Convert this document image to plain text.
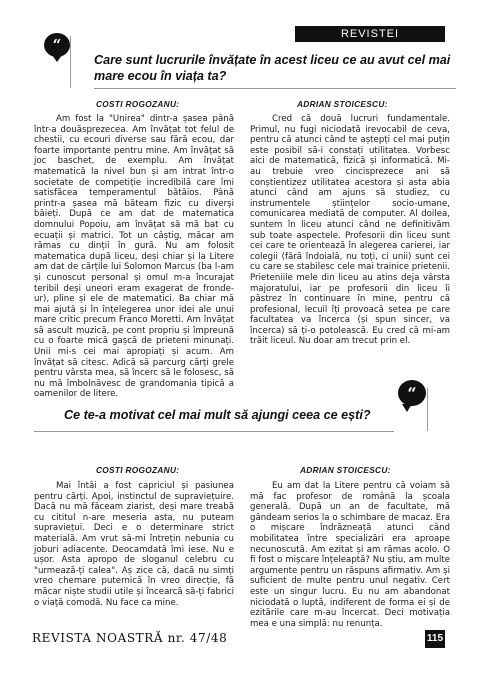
REVISTEI
“
Care sunt lucrurile învățate în acest liceu ce au avut cel mai mare ecou în viața ta?
COSTI ROGOZANU:	ADRIAN STOICESCU:
Am fost la "Unirea" dintr-a șasea până într-a douăsprezecea. Am învățat tot felul de chestii, cu ecouri diverse sau fără ecou, dar foarte importante pentru mine. Am învățat să joc baschet, de exemplu. Am învățat matematică la nivel bun și am intrat într-o societate de competiție incredibilă care îmi satisfăcea temperamentul bătăios. Până printr-a șasea mă băteam fizic cu diverși băieți. După ce am dat de matematica domnului Popoiu, am învățat să mă bat cu ecuații și matrici. Tot un câștig, măcar am rămas cu dinții în gură. Nu am folosit matematica după liceu, deși chiar și la Litere am dat de cărțile lui Solomon Marcus (ba l-am și cunoscut personal și omul m-a încurajat teribil deși uneori eram exagerat de frondeur), pline și ele de matematici. Ba chiar mă mai ajută și în înțelegerea unor idei ale unui mare critic precum Franco Moretti. Am învățat să ascult muzică, pe cont propriu și împreună cu o foarte mică gașcă de prieteni minunați. Unii mi-s cei mai apropiați și acum. Am învățat să citesc. Adică să parcurg cărți grele pentru vârsta mea, să încerc să le folosesc, să nu mă îmbolnăvesc de grandomania tipică a oamenilor de litere.
Cred că două lucruri fundamentale. Primul, nu fugi niciodată irevocabil de ceva, pentru că atunci când te aștepți cel mai puțin este posibil să-i constați utilitatea. Vorbesc aici de matematică, fizică și informatică. Mi-au trebuie vreo cincisprezece ani să conștientizez utilitatea acestora și asta abia atunci când am ajuns să studiez, cu instrumentele științelor socio-umane, comunicarea mediată de computer. Al doilea, suntem în liceu atunci când ne definitivăm sub toate aspectele. Profesorii din liceu sunt cei care te orientează în alegerea carierei, iar colegii (fără îndoială, nu toți, ci unii) sunt cei cu care se stabilesc cele mai trainice prietenii. Prieteniile mele din liceu au atins deja vârsta majoratului, iar pe profesorii din liceu îi păstrez în continuare în mine, pentru că profesional, lecuil îți provoacă setea pe care facultatea va încerca (și spun sincer, va încerca) să ți-o potolească. Eu cred că mi-am trăit liceul. Nu doar am trecut prin el.
“
Ce te-a motivat cel mai mult să ajungi ceea ce ești?
COSTI ROGOZANU:	ADRIAN STOICESCU:
Mai întâi a fost capriciul și pasiunea pentru cărți. Apoi, instinctul de supraviețuire. Dacă nu mă făceam ziarist, deși mare treabă cu cititul n-are meseria asta, nu puteam supraviețui. Deci e o determinare strict materială. Am vrut să-mi întrețin nebunia cu joburi adiacente. Deocamdată îmi iese. Nu e ușor. Asta apropo de sloganul celebru cu "urmează-ți calea". Aș zice că, dacă nu simți vreo chemare puternică în vreo direcție, fă măcar niște studii utile și încearcă să-ți fabrici o viață comodă. Nu face ca mine.
Eu am dat la Litere pentru că voiam să mă fac profesor de română la școala generală. După un an de facultate, mă gândeam serios la o schimbare de macaz. Era o mișcare îndrăzneață atunci când mobilitatea între specializări era aproape necunoscută. Am ezitat și am rămas acolo. O fi fost o mișcare înțeleaptă? Nu știu, am multe argumente pentru un răspuns afirmativ. Am și suficient de multe pentru unul negativ. Cert este un singur lucru. Eu nu am abandonat niciodată o luptă, indiferent de forma ei și de ezitările care m-au încercat. Deci motivația mea e una simplă: nu renunța.
REVISTA NOASTRĂ nr. 47/48	115
